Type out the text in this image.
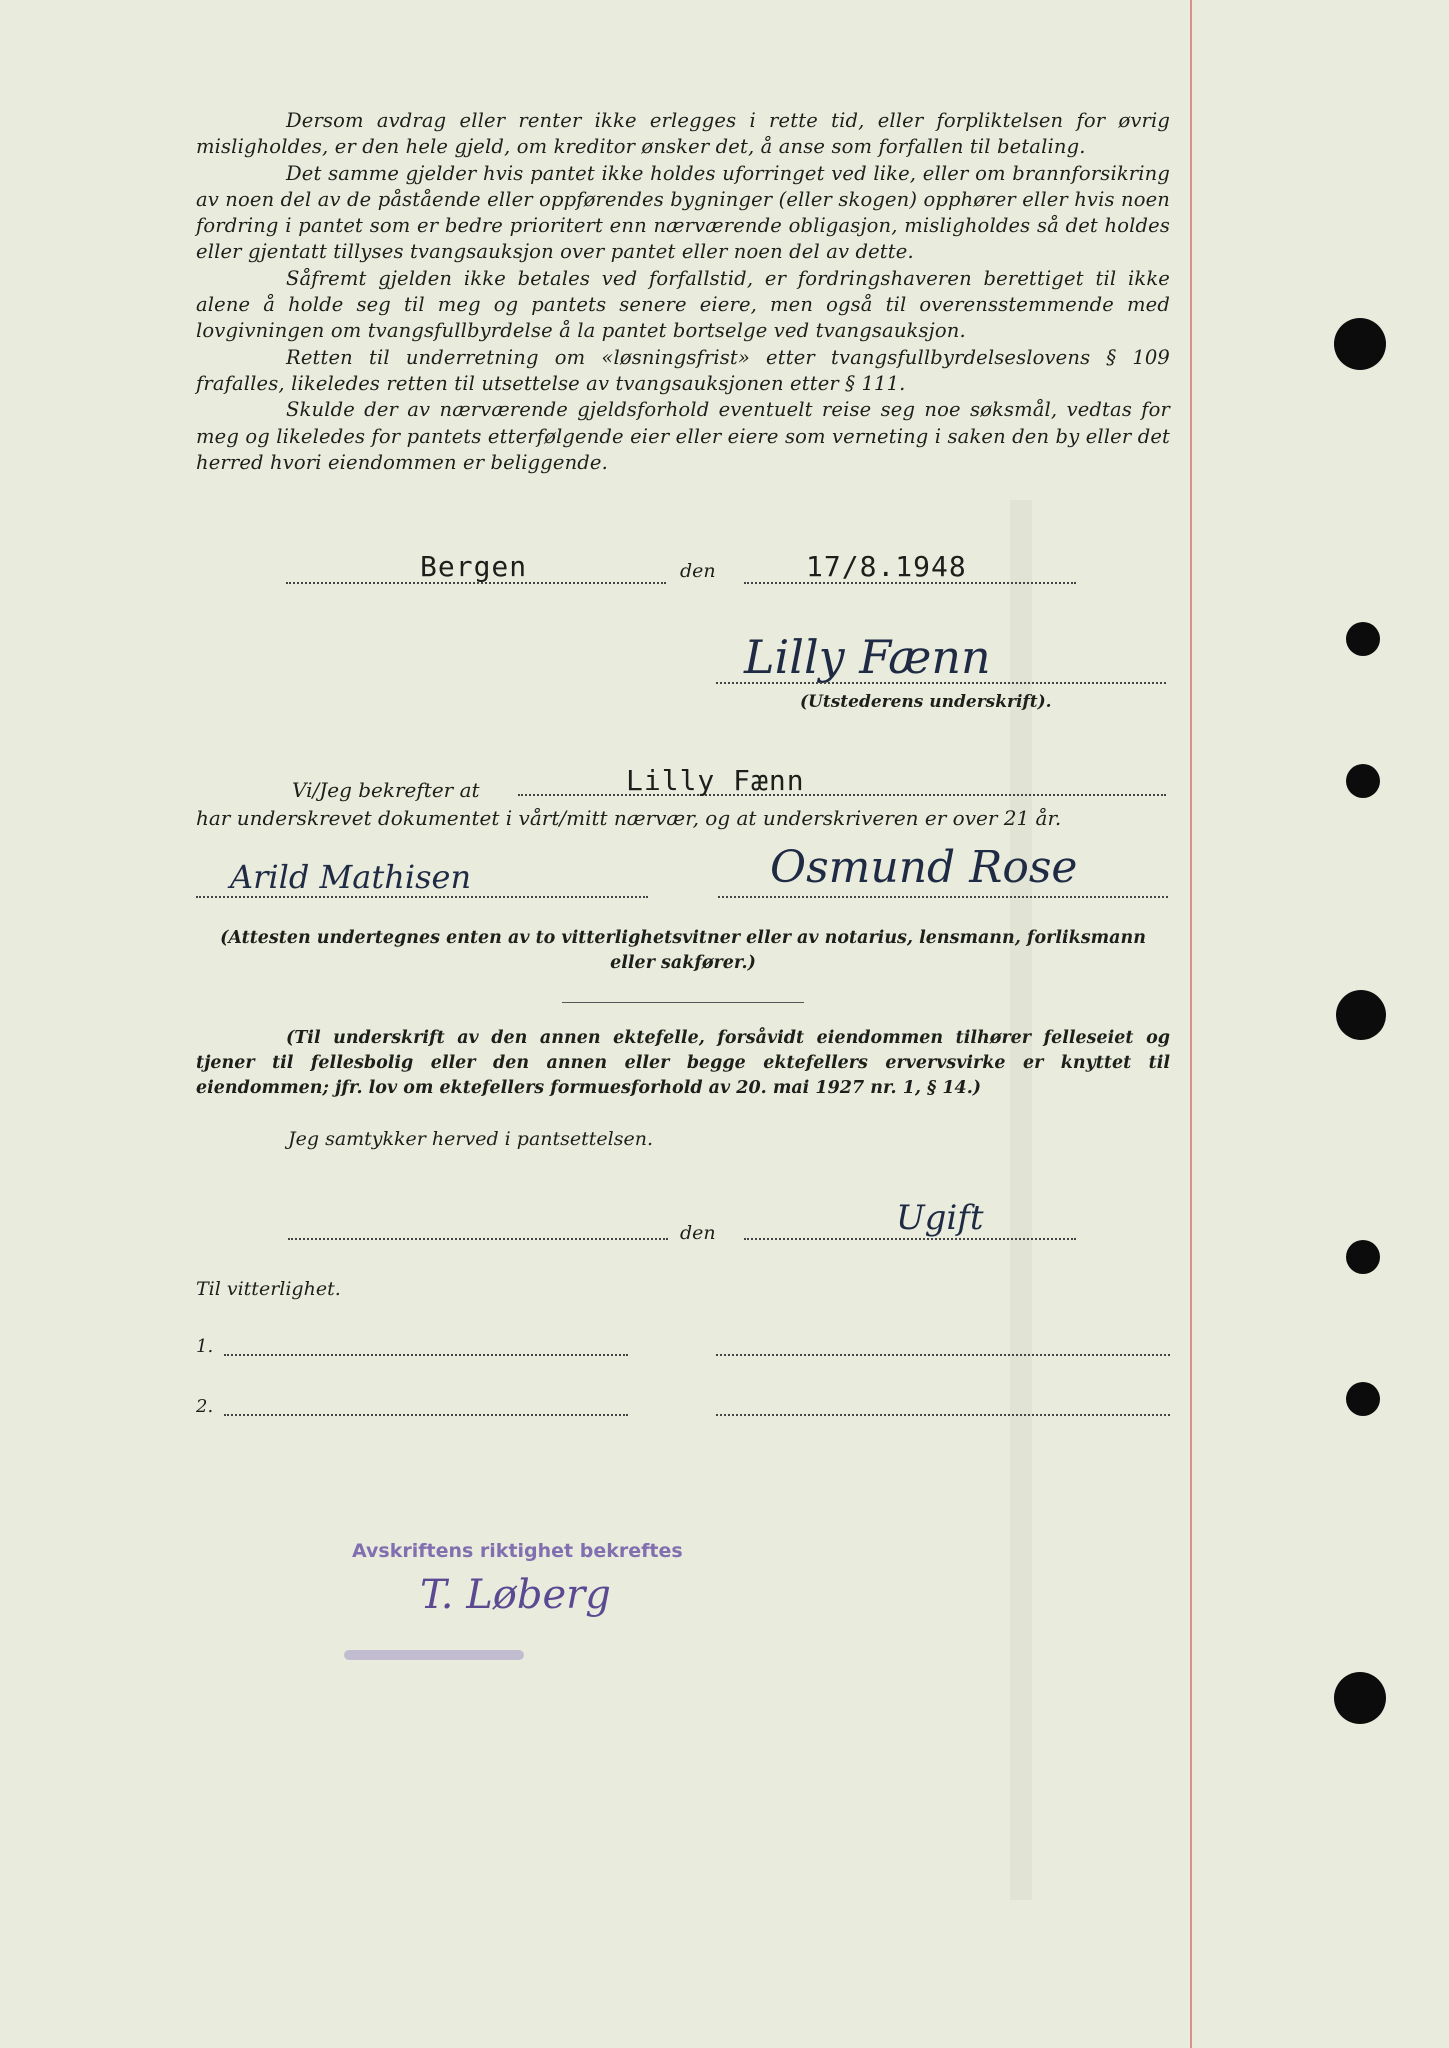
Dersom avdrag eller renter ikke erlegges i rette tid, eller forpliktelsen for øvrig misligholdes, er den hele gjeld, om kreditor ønsker det, å anse som forfallen til betaling.

Det samme gjelder hvis pantet ikke holdes uforringet ved like, eller om brannforsikring av noen del av de påstående eller oppførendes bygninger (eller skogen) opphører eller hvis noen fordring i pantet som er bedre prioritert enn nærværende obligasjon, misligholdes så det holdes eller gjentatt tillyses tvangsauksjon over pantet eller noen del av dette.

Såfremt gjelden ikke betales ved forfallstid, er fordringshaveren berettiget til ikke alene å holde seg til meg og pantets senere eiere, men også til overensstemmende med lovgivningen om tvangsfullbyrdelse å la pantet bortselge ved tvangsauksjon.

Retten til underretning om «løsningsfrist» etter tvangsfullbyrdelseslovens § 109 frafalles, likeledes retten til utsettelse av tvangsauksjonen etter § 111.

Skulde der av nærværende gjeldsforhold eventuelt reise seg noe søksmål, vedtas for meg og likeledes for pantets etterfølgende eier eller eiere som verneting i saken den by eller det herred hvori eiendommen er beliggende.

Bergen	den	17/8.1948
Lilly Fænn
(Utstederens underskrift).
Vi/Jeg bekrefter at	Lilly Fænn
har underskrevet dokumentet i vårt/mitt nærvær, og at underskriveren er over 21 år.
Arild Mathisen	Osmund Rose
(Attesten undertegnes enten av to vitterlighetsvitner eller av notarius, lensmann, forliksmann eller sakfører.)
(Til underskrift av den annen ektefelle, forsåvidt eiendommen tilhører felleseiet og tjener til fellesbolig eller den annen eller begge ektefellers ervervsvirke er knyttet til eiendommen; jfr. lov om ektefellers formuesforhold av 20. mai 1927 nr. 1, § 14.)
Jeg samtykker herved i pantsettelsen.
den	Ugift
Til vitterlighet.
1.
2.
Avskriftens riktighet bekreftes
T. Løberg
